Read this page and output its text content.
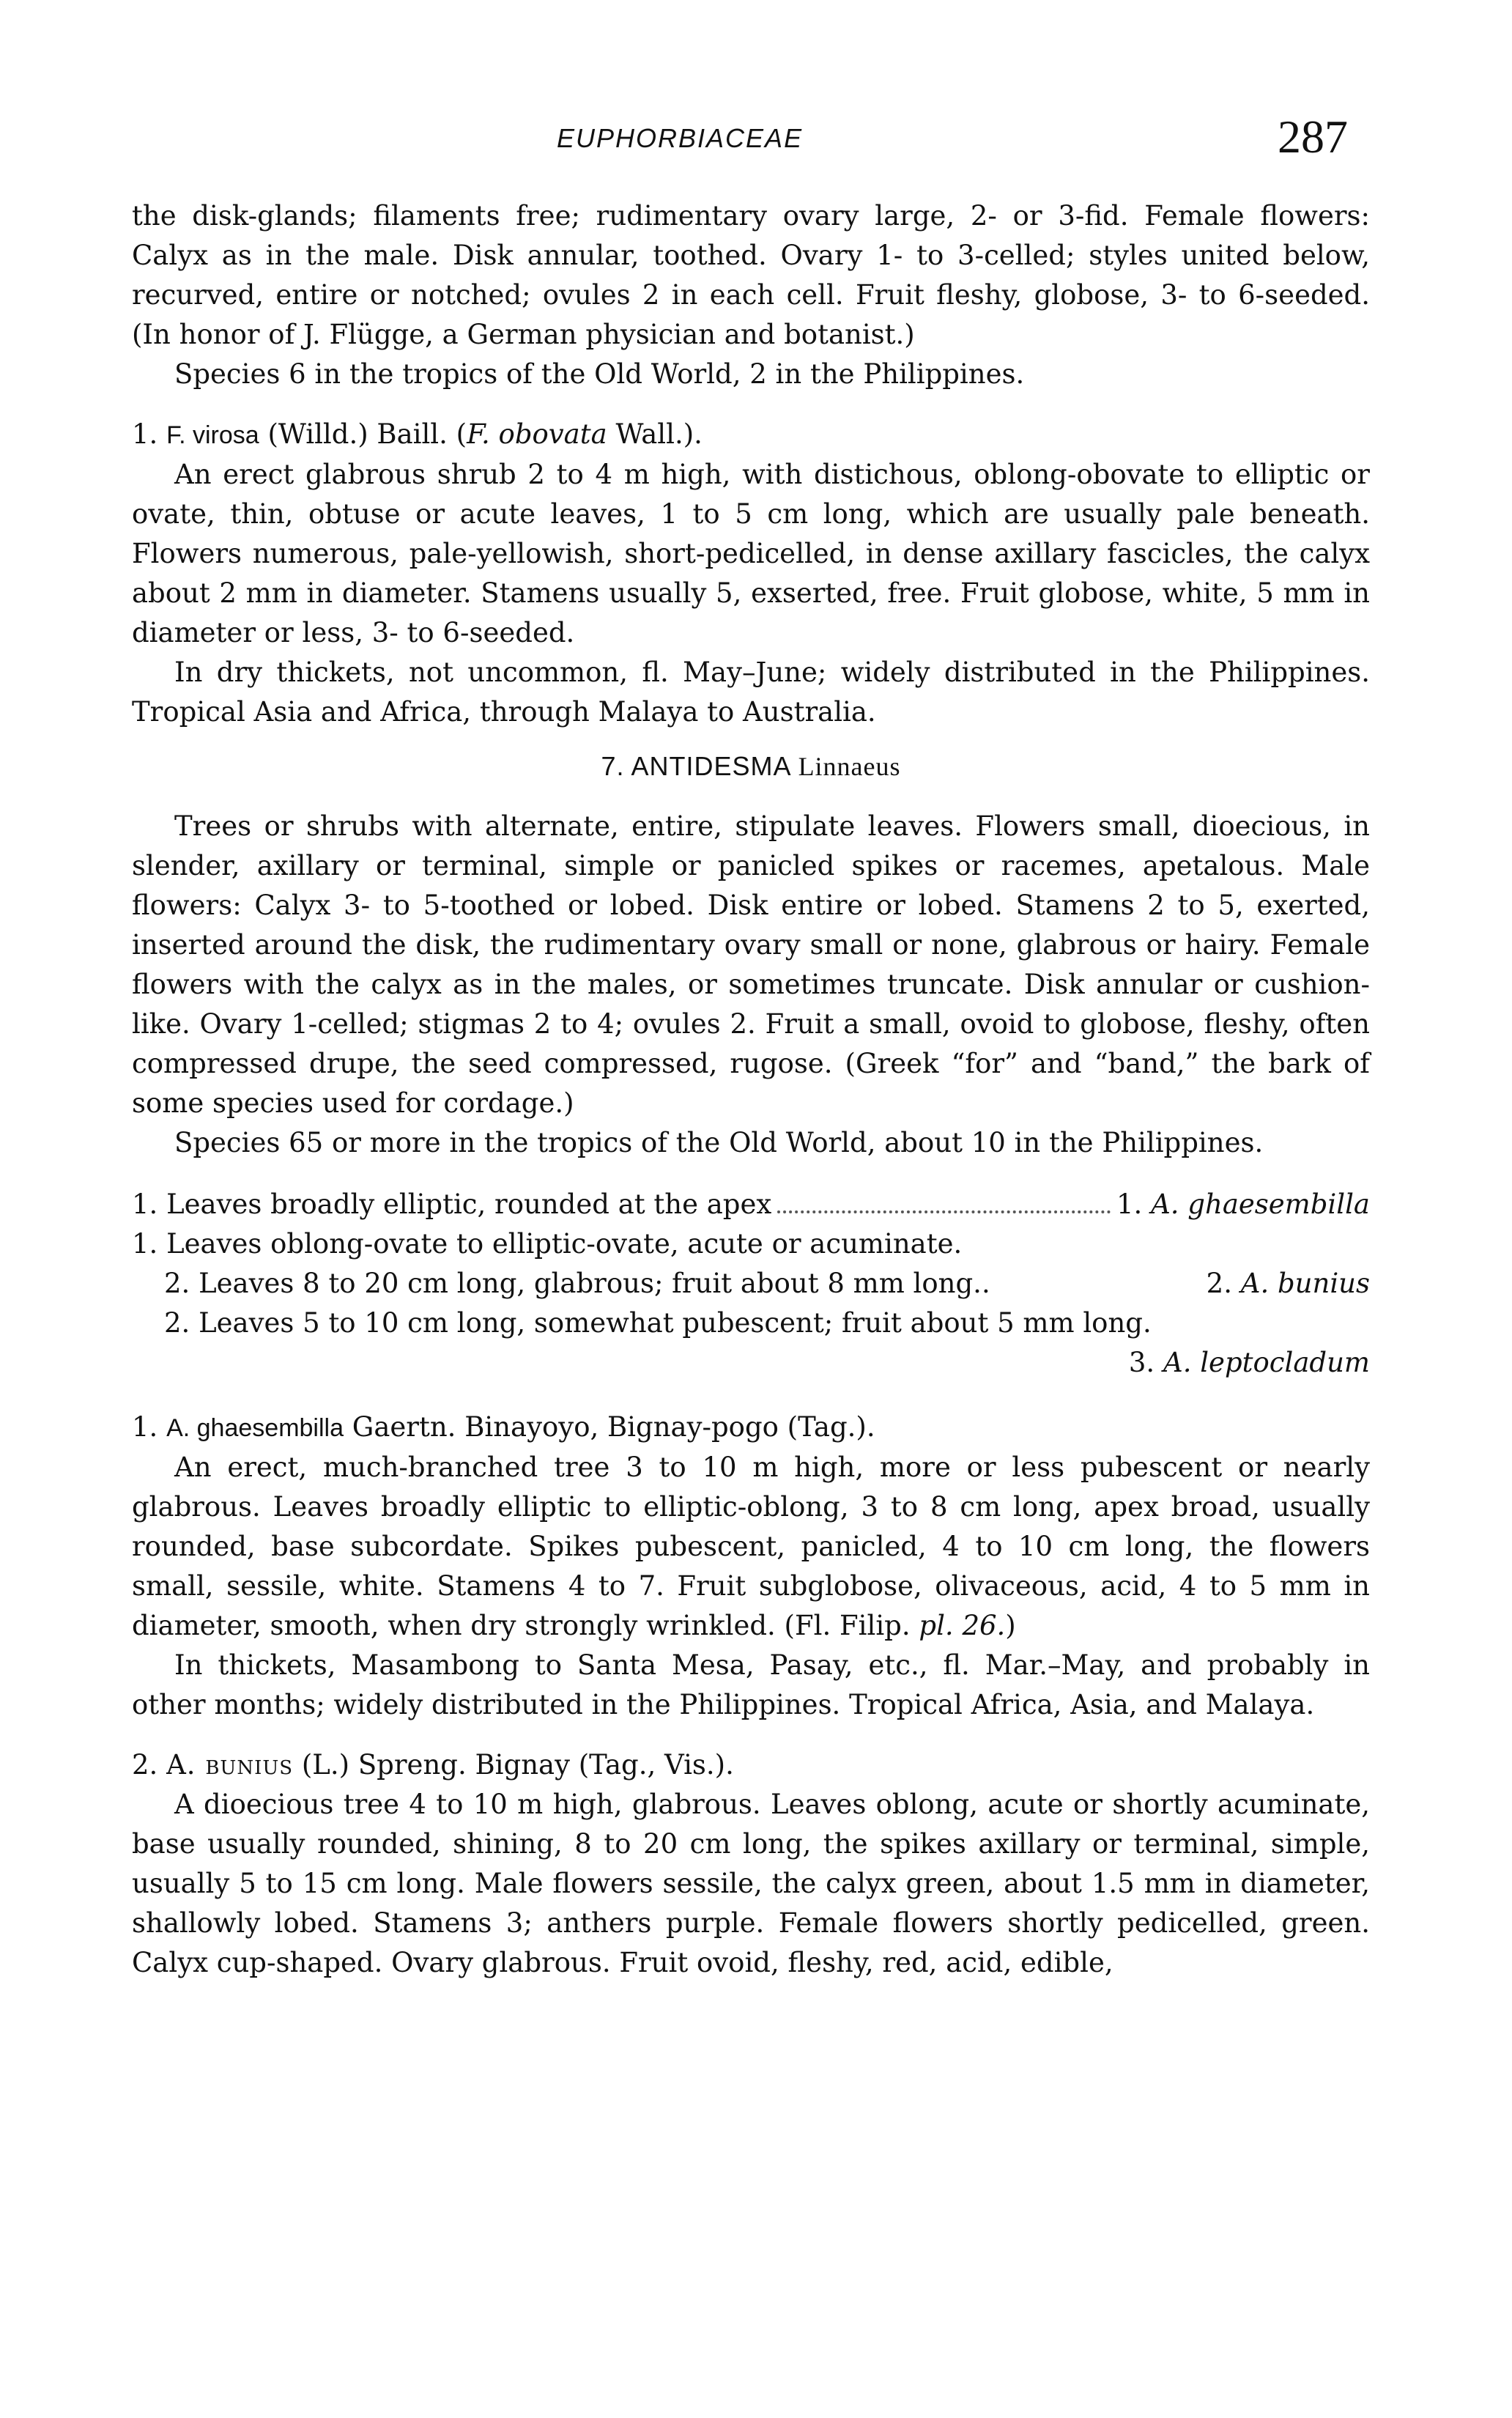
EUPHORBIACEAE	287

the disk-glands; filaments free; rudimentary ovary large, 2- or 3-fid. Female flowers: Calyx as in the male. Disk annular, toothed. Ovary 1- to 3-celled; styles united below, recurved, entire or notched; ovules 2 in each cell. Fruit fleshy, globose, 3- to 6-seeded. (In honor of J. Flügge, a German physician and botanist.)

Species 6 in the tropics of the Old World, 2 in the Philippines.

1. F. virosa (Willd.) Baill. (F. obovata Wall.).

An erect glabrous shrub 2 to 4 m high, with distichous, oblong-obovate to elliptic or ovate, thin, obtuse or acute leaves, 1 to 5 cm long, which are usually pale beneath. Flowers numerous, pale-yellowish, short-pedicelled, in dense axillary fascicles, the calyx about 2 mm in diameter. Stamens usually 5, exserted, free. Fruit globose, white, 5 mm in diameter or less, 3- to 6-seeded.

In dry thickets, not uncommon, fl. May–June; widely distributed in the Philippines. Tropical Asia and Africa, through Malaya to Australia.

7. ANTIDESMA Linnaeus

Trees or shrubs with alternate, entire, stipulate leaves. Flowers small, dioecious, in slender, axillary or terminal, simple or panicled spikes or racemes, apetalous. Male flowers: Calyx 3- to 5-toothed or lobed. Disk entire or lobed. Stamens 2 to 5, exerted, inserted around the disk, the rudimentary ovary small or none, glabrous or hairy. Female flowers with the calyx as in the males, or sometimes truncate. Disk annular or cushion-like. Ovary 1-celled; stigmas 2 to 4; ovules 2. Fruit a small, ovoid to globose, fleshy, often compressed drupe, the seed compressed, rugose. (Greek “for” and “band,” the bark of some species used for cordage.)

Species 65 or more in the tropics of the Old World, about 10 in the Philippines.

1. Leaves broadly elliptic, rounded at the apex	1. A. ghaesembilla
1. Leaves oblong-ovate to elliptic-ovate, acute or acuminate.
2. Leaves 8 to 20 cm long, glabrous; fruit about 8 mm long..	2. A. bunius
2. Leaves 5 to 10 cm long, somewhat pubescent; fruit about 5 mm long.
3. A. leptocladum

1. A. ghaesembilla Gaertn. Binayoyo, Bignay-pogo (Tag.).

An erect, much-branched tree 3 to 10 m high, more or less pubescent or nearly glabrous. Leaves broadly elliptic to elliptic-oblong, 3 to 8 cm long, apex broad, usually rounded, base subcordate. Spikes pubescent, panicled, 4 to 10 cm long, the flowers small, sessile, white. Stamens 4 to 7. Fruit subglobose, olivaceous, acid, 4 to 5 mm in diameter, smooth, when dry strongly wrinkled. (Fl. Filip. pl. 26.)

In thickets, Masambong to Santa Mesa, Pasay, etc., fl. Mar.–May, and probably in other months; widely distributed in the Philippines. Tropical Africa, Asia, and Malaya.

2. A. bunius (L.) Spreng. Bignay (Tag., Vis.).

A dioecious tree 4 to 10 m high, glabrous. Leaves oblong, acute or shortly acuminate, base usually rounded, shining, 8 to 20 cm long, the spikes axillary or terminal, simple, usually 5 to 15 cm long. Male flowers sessile, the calyx green, about 1.5 mm in diameter, shallowly lobed. Stamens 3; anthers purple. Female flowers shortly pedicelled, green. Calyx cup-shaped. Ovary glabrous. Fruit ovoid, fleshy, red, acid, edible,
